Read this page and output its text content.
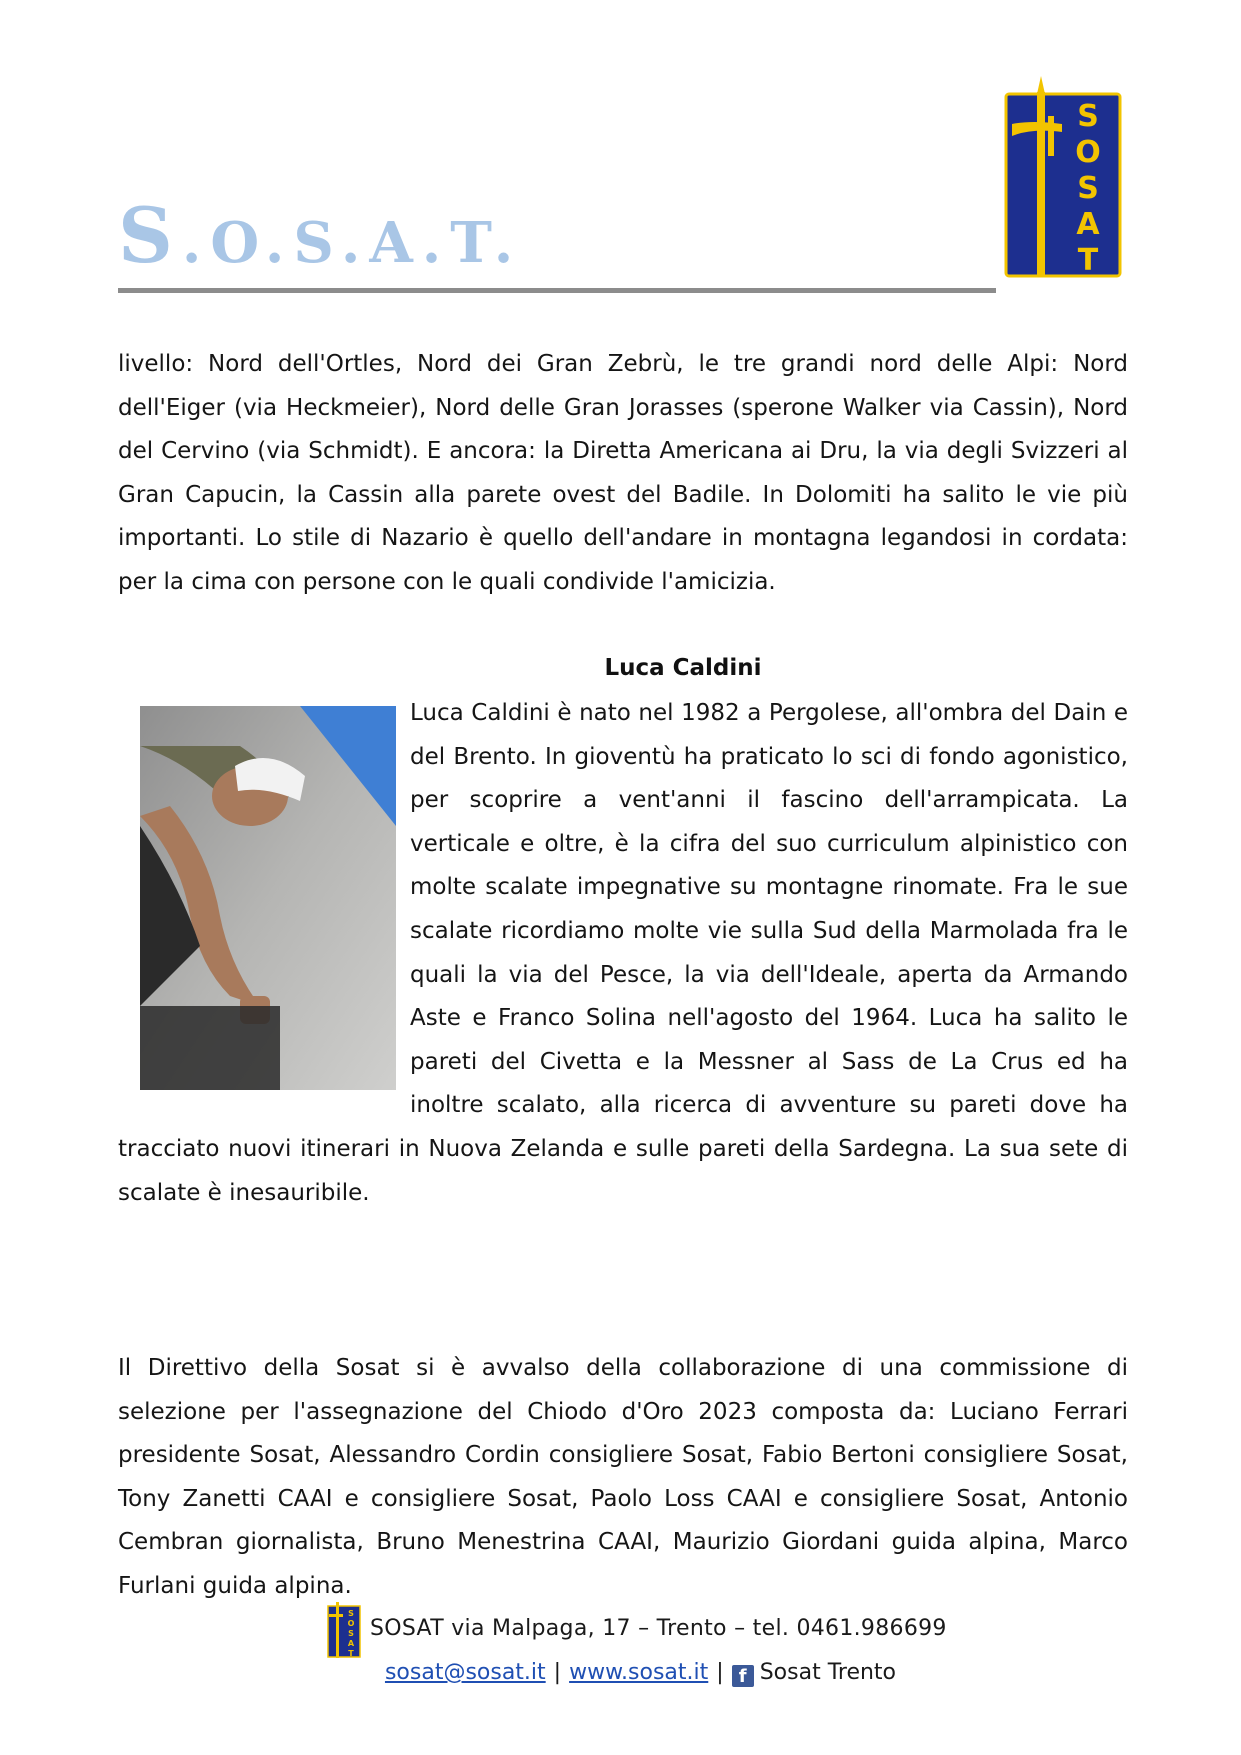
S.O.S.A.T.
S
O
S
A
T
livello: Nord dell'Ortles, Nord dei Gran Zebrù, le tre grandi nord delle Alpi: Nord dell'Eiger (via Heckmeier), Nord delle Gran Jorasses (sperone Walker via Cassin), Nord del Cervino (via Schmidt). E ancora: la Diretta Americana ai Dru, la via degli Svizzeri al Gran Capucin, la Cassin alla parete ovest del Badile. In Dolomiti ha salito le vie più importanti. Lo stile di Nazario è quello dell'andare in montagna legandosi in cordata: per la cima con persone con le quali condivide l'amicizia.
Luca Caldini
Luca Caldini è nato nel 1982 a Pergolese, all'ombra del Dain e del Brento. In gioventù ha praticato lo sci di fondo agonistico, per scoprire a vent'anni il fascino dell'arrampicata. La verticale e oltre, è la cifra del suo curriculum alpinistico con molte scalate impegnative su montagne rinomate. Fra le sue scalate ricordiamo molte vie sulla Sud della Marmolada fra le quali la via del Pesce, la via dell'Ideale, aperta da Armando Aste e Franco Solina nell'agosto del 1964. Luca ha salito le pareti del Civetta e la Messner al Sass de La Crus ed ha inoltre scalato, alla ricerca di avventure su pareti dove ha tracciato nuovi itinerari in Nuova Zelanda e sulle pareti della Sardegna. La sua sete di scalate è inesauribile.
Il Direttivo della Sosat si è avvalso della collaborazione di una commissione di selezione per l'assegnazione del Chiodo d'Oro 2023 composta da: Luciano Ferrari presidente Sosat, Alessandro Cordin consigliere Sosat, Fabio Bertoni consigliere Sosat, Tony Zanetti CAAI e consigliere Sosat, Paolo Loss CAAI e consigliere Sosat, Antonio Cembran giornalista, Bruno Menestrina CAAI, Maurizio Giordani guida alpina, Marco Furlani guida alpina.
S
O
S
A
T
SOSAT via Malpaga, 17 – Trento – tel. 0461.986699
sosat@sosat.it | www.sosat.it | f Sosat Trento
